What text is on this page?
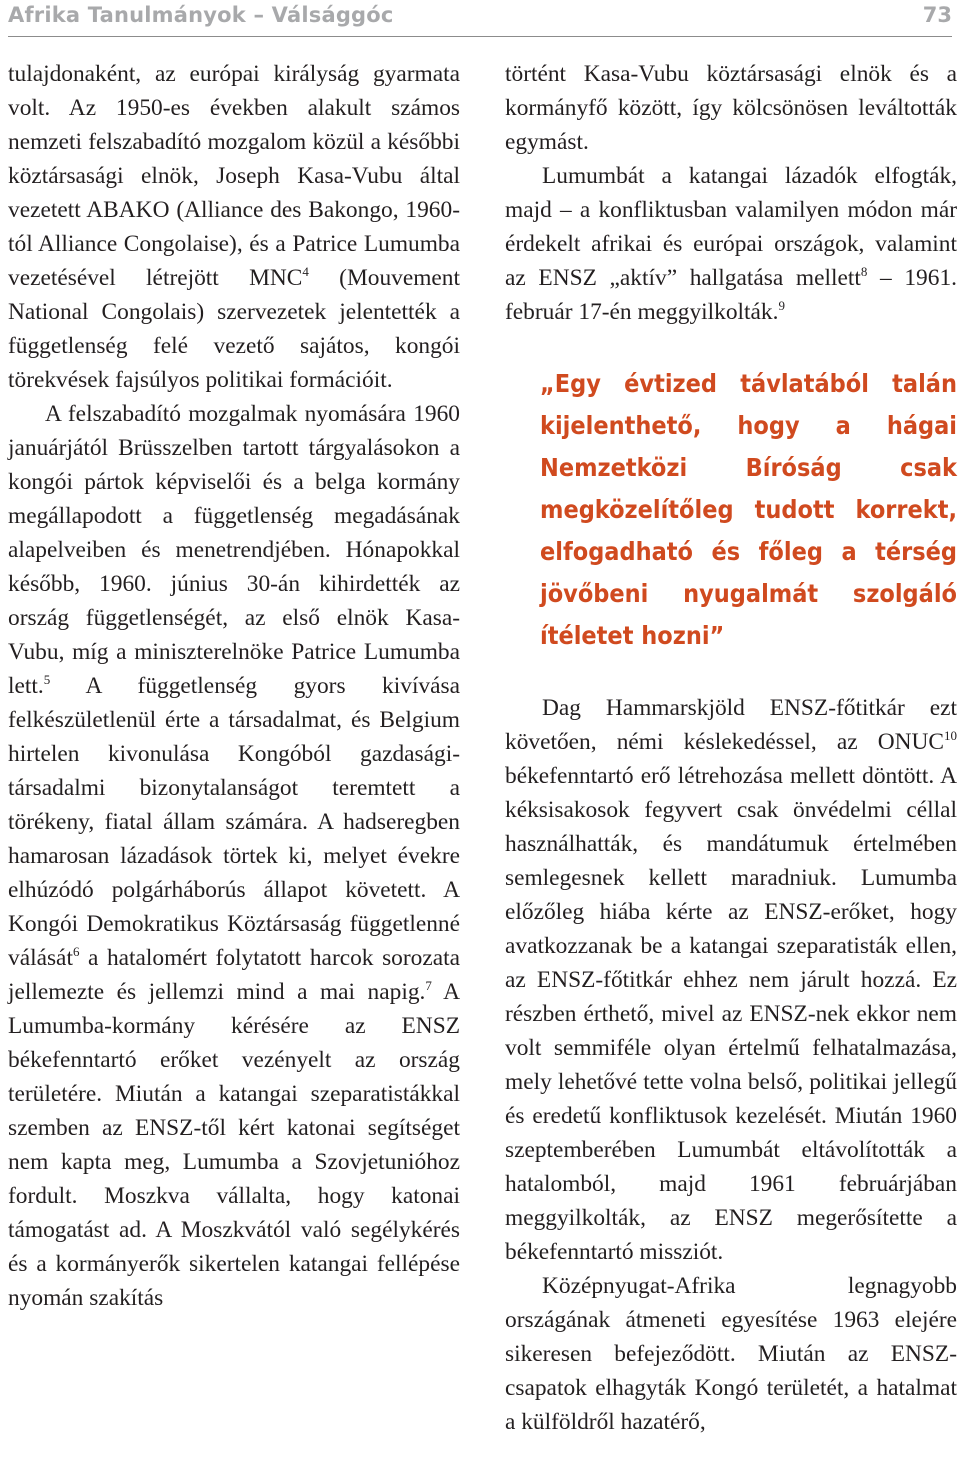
Afrika Tanulmányok – Válsággóc	73

tulajdonaként, az európai királyság gyarmata volt. Az 1950-es években alakult számos nemzeti felszabadító mozgalom közül a későbbi köztársasági elnök, Joseph Kasa-Vubu által vezetett ABAKO (Alliance des Bakongo, 1960-tól Alliance Congolaise), és a Patrice Lumumba vezetésével létrejött MNC$^4$ (Mouvement National Congolais) szervezetek jelentették a függetlenség felé vezető sajátos, kongói törekvések fajsúlyos politikai formációit.

A felszabadító mozgalmak nyomására 1960 januárjától Brüsszelben tartott tárgyalásokon a kongói pártok képviselői és a belga kormány megállapodott a függetlenség megadásának alapelveiben és menetrendjében. Hónapokkal később, 1960. június 30-án kihirdették az ország függetlenségét, az első elnök Kasa-Vubu, míg a miniszterelnöke Patrice Lumumba lett.$^5$ A függetlenség gyors kivívása felkészületlenül érte a társadalmat, és Belgium hirtelen kivonulása Kongóból gazdasági-társadalmi bizonytalanságot teremtett a törékeny, fiatal állam számára. A hadseregben hamarosan lázadások törtek ki, melyet évekre elhúzódó polgárháborús állapot követett. A Kongói Demokratikus Köztársaság függetlenné válását$^6$ a hatalomért folytatott harcok sorozata jellemezte és jellemzi mind a mai napig.$^7$ A Lumumba-kormány kérésére az ENSZ békefenntartó erőket vezényelt az ország területére. Miután a katangai szeparatistákkal szemben az ENSZ-től kért katonai segítséget nem kapta meg, Lumumba a Szovjetunióhoz fordult. Moszkva vállalta, hogy katonai támogatást ad. A Moszkvától való segélykérés és a kormányerők sikertelen katangai fellépése nyomán szakítás

történt Kasa-Vubu köztársasági elnök és a kormányfő között, így kölcsönösen leváltották egymást.

Lumumbát a katangai lázadók elfogták, majd – a konfliktusban valamilyen módon már érdekelt afrikai és európai országok, valamint az ENSZ „aktív” hallgatása mellett$^8$ – 1961. február 17-én meggyilkolták.$^9$

„Egy évtized távlatából talán kijelenthető, hogy a hágai Nemzetközi Bíróság csak megközelítőleg tudott korrekt, elfogadható és főleg a térség jövőbeni nyugalmát szolgáló ítéletet hozni”

Dag Hammarskjöld ENSZ-főtitkár ezt követően, némi késlekedéssel, az ONUC$^{10}$ békefenntartó erő létrehozása mellett döntött. A kéksisakosok fegyvert csak önvédelmi céllal használhatták, és mandátumuk értelmében semlegesnek kellett maradniuk. Lumumba előzőleg hiába kérte az ENSZ-erőket, hogy avatkozzanak be a katangai szeparatisták ellen, az ENSZ-főtitkár ehhez nem járult hozzá. Ez részben érthető, mivel az ENSZ-nek ekkor nem volt semmiféle olyan értelmű felhatalmazása, mely lehetővé tette volna belső, politikai jellegű és eredetű konfliktusok kezelését. Miután 1960 szeptemberében Lumumbát eltávolították a hatalomból, majd 1961 februárjában meggyilkolták, az ENSZ megerősítette a békefenntartó missziót.

Középnyugat-Afrika legnagyobb országának átmeneti egyesítése 1963 elejére sikeresen befejeződött. Miután az ENSZ-csapatok elhagyták Kongó területét, a hatalmat a külföldről hazatérő,
